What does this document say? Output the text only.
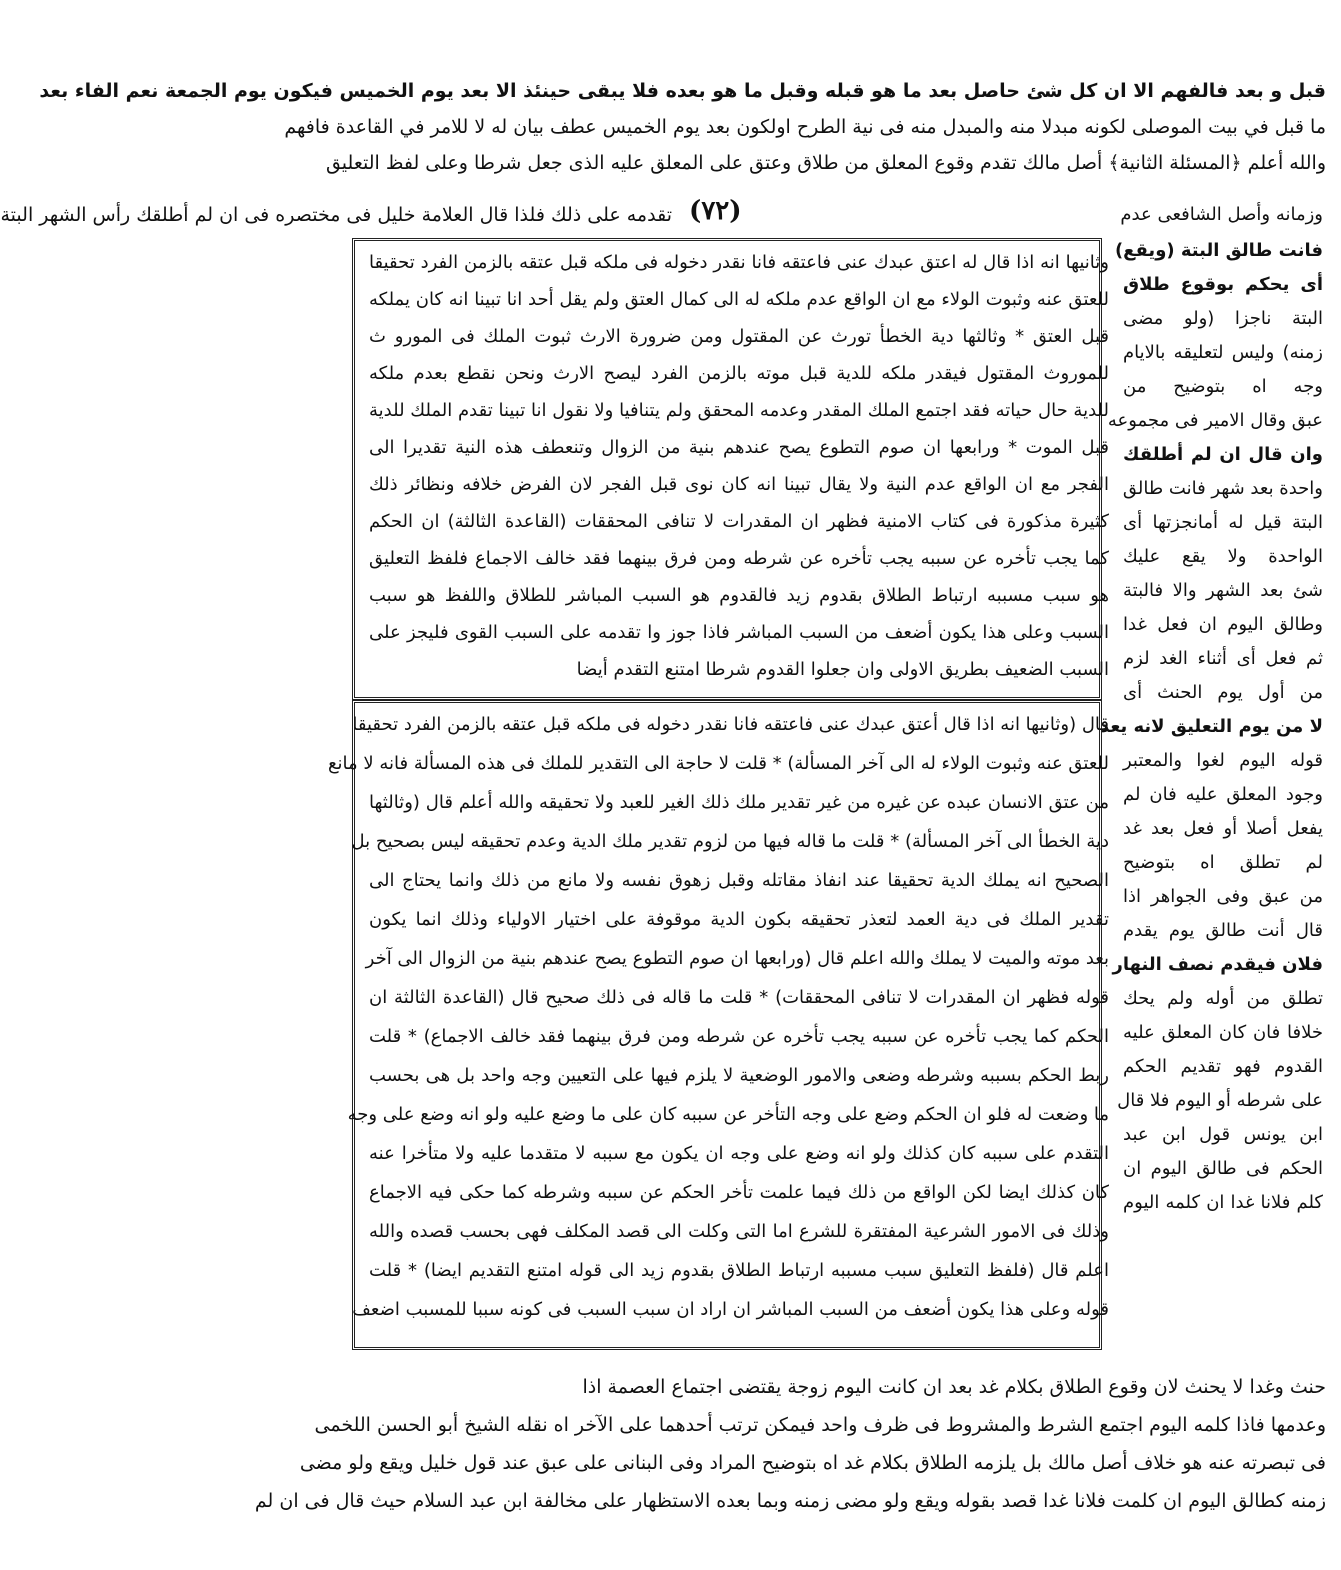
قبل و بعد فالفهم الا ان كل شئ حاصل بعد ما هو قبله وقبل ما هو بعده فلا يبقى حينئذ الا بعد يوم الخميس فيكون يوم الجمعة نعم الفاء بعد
ما قبل في بيت الموصلى لكونه مبدلا منه والمبدل منه فى نية الطرح اولكون بعد يوم الخميس عطف بيان له لا للامر في القاعدة فافهم
والله أعلم ﴿المسئلة الثانية﴾ أصل مالك تقدم وقوع المعلق من طلاق وعتق على المعلق عليه الذى جعل شرطا وعلى لفظ التعليق
تقدمه على ذلك فلذا قال العلامة خليل فى مختصره فى ان لم أطلقك رأس الشهر البتة (٧٢)	وزمانه وأصل الشافعى عدم
فانت طالق البتة (ويقع)
أى يحكم بوقوع طلاق
البتة ناجزا (ولو مضى
زمنه) وليس لتعليقه بالايام
وجه اه بتوضيح من
عبق وقال الامير فى مجموعه
وان قال ان لم أطلقك
واحدة بعد شهر فانت طالق
البتة قيل له أمانجزتها أى
الواحدة ولا يقع عليك
شئ بعد الشهر والا فالبتة
وطالق اليوم ان فعل غدا
ثم فعل أى أثناء الغد لزم
من أول يوم الحنث أى
لا من يوم التعليق لانه يعد
قوله اليوم لغوا والمعتبر
وجود المعلق عليه فان لم
يفعل أصلا أو فعل بعد غد
لم تطلق اه بتوضيح
من عبق وفى الجواهر اذا
قال أنت طالق يوم يقدم
فلان فيقدم نصف النهار
تطلق من أوله ولم يحك
خلافا فان كان المعلق عليه
القدوم فهو تقديم الحكم
على شرطه أو اليوم فلا قال
ابن يونس قول ابن عبد
الحكم فى طالق اليوم ان
كلم فلانا غدا ان كلمه اليوم
وثانيها انه اذا قال له اعتق عبدك عنى فاعتقه فانا نقدر دخوله فى ملكه قبل عتقه بالزمن الفرد تحقيقا
للعتق عنه وثبوت الولاء مع ان الواقع عدم ملكه له الى كمال العتق ولم يقل أحد انا تبينا انه كان يملكه
قبل العتق * وثالثها دية الخطأ تورث عن المقتول ومن ضرورة الارث ثبوت الملك فى المورو ث
للموروث المقتول فيقدر ملكه للدية قبل موته بالزمن الفرد ليصح الارث ونحن نقطع بعدم ملكه
للدية حال حياته فقد اجتمع الملك المقدر وعدمه المحقق ولم يتنافيا ولا نقول انا تبينا تقدم الملك للدية
قبل الموت * ورابعها ان صوم التطوع يصح عندهم بنية من الزوال وتنعطف هذه النية تقديرا الى
الفجر مع ان الواقع عدم النية ولا يقال تبينا انه كان نوى قبل الفجر لان الفرض خلافه ونظائر ذلك
كثيرة مذكورة فى كتاب الامنية فظهر ان المقدرات لا تنافى المحققات (القاعدة الثالثة) ان الحكم
كما يجب تأخره عن سببه يجب تأخره عن شرطه ومن فرق بينهما فقد خالف الاجماع فلفظ التعليق
هو سبب مسببه ارتباط الطلاق بقدوم زيد فالقدوم هو السبب المباشر للطلاق واللفظ هو سبب
السبب وعلى هذا يكون أضعف من السبب المباشر فاذا جوز وا تقدمه على السبب القوى فليجز على
السبب الضعيف بطريق الاولى وان جعلوا القدوم شرطا امتنع التقدم أيضا
قال (وثانيها انه اذا قال أعتق عبدك عنى فاعتقه فانا نقدر دخوله فى ملكه قبل عتقه بالزمن الفرد تحقيقا
للعتق عنه وثبوت الولاء له الى آخر المسألة) * قلت لا حاجة الى التقدير للملك فى هذه المسألة فانه لا مانع
من عتق الانسان عبده عن غيره من غير تقدير ملك ذلك الغير للعبد ولا تحقيقه والله أعلم قال (وثالثها
دية الخطأ الى آخر المسألة) * قلت ما قاله فيها من لزوم تقدير ملك الدية وعدم تحقيقه ليس بصحيح بل
الصحيح انه يملك الدية تحقيقا عند انفاذ مقاتله وقبل زهوق نفسه ولا مانع من ذلك وانما يحتاج الى
تقدير الملك فى دية العمد لتعذر تحقيقه بكون الدية موقوفة على اختيار الاولياء وذلك انما يكون
بعد موته والميت لا يملك والله اعلم قال (ورابعها ان صوم التطوع يصح عندهم بنية من الزوال الى آخر
قوله فظهر ان المقدرات لا تنافى المحققات) * قلت ما قاله فى ذلك صحيح قال (القاعدة الثالثة ان
الحكم كما يجب تأخره عن سببه يجب تأخره عن شرطه ومن فرق بينهما فقد خالف الاجماع) * قلت
ربط الحكم بسببه وشرطه وضعى والامور الوضعية لا يلزم فيها على التعيين وجه واحد بل هى بحسب
ما وضعت له فلو ان الحكم وضع على وجه التأخر عن سببه كان على ما وضع عليه ولو انه وضع على وجه
التقدم على سببه كان كذلك ولو انه وضع على وجه ان يكون مع سببه لا متقدما عليه ولا متأخرا عنه
كان كذلك ايضا لكن الواقع من ذلك فيما علمت تأخر الحكم عن سببه وشرطه كما حكى فيه الاجماع
وذلك فى الامور الشرعية المفتقرة للشرع اما التى وكلت الى قصد المكلف فهى بحسب قصده والله
اعلم قال (فلفظ التعليق سبب مسببه ارتباط الطلاق بقدوم زيد الى قوله امتنع التقديم ايضا) * قلت
قوله وعلى هذا يكون أضعف من السبب المباشر ان اراد ان سبب السبب فى كونه سببا للمسبب اضعف
حنث وغدا لا يحنث لان وقوع الطلاق بكلام غد بعد ان كانت اليوم زوجة يقتضى اجتماع العصمة اذا
وعدمها فاذا كلمه اليوم اجتمع الشرط والمشروط فى ظرف واحد فيمكن ترتب أحدهما على الآخر اه نقله الشيخ أبو الحسن اللخمى
فى تبصرته عنه هو خلاف أصل مالك بل يلزمه الطلاق بكلام غد اه بتوضيح المراد وفى البنانى على عبق عند قول خليل ويقع ولو مضى
زمنه كطالق اليوم ان كلمت فلانا غدا قصد بقوله ويقع ولو مضى زمنه وبما بعده الاستظهار على مخالفة ابن عبد السلام حيث قال فى ان لم
